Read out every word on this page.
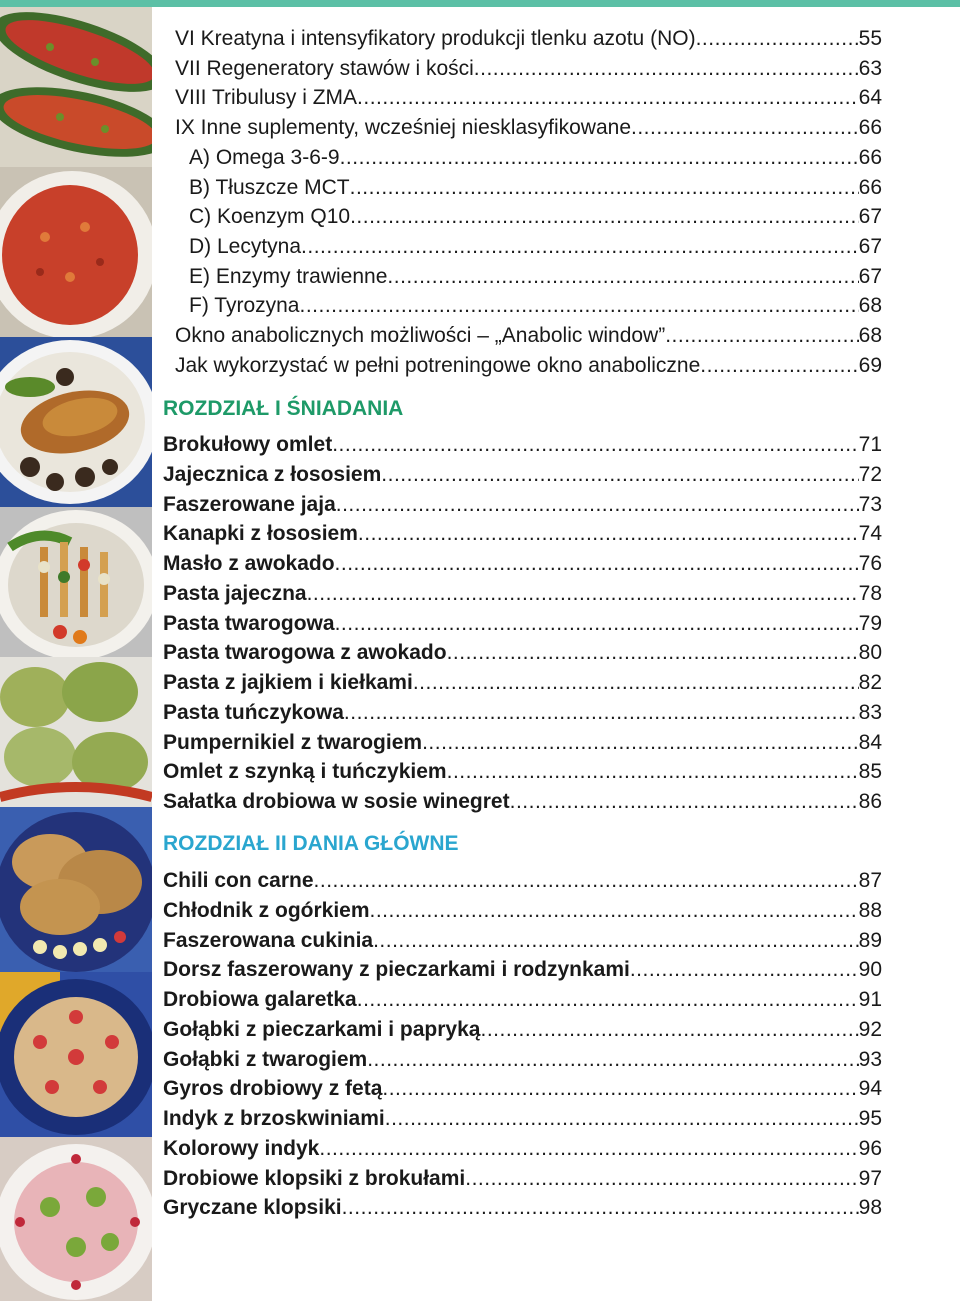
VI Kreatyna i intensyfikatory produkcji tlenku azotu (NO) .....	55
VII Regeneratory stawów i kości .....	63
VIII Tribulusy i ZMA .....	64
IX Inne suplementy, wcześniej niesklasyfikowane .....	66
A) Omega 3-6-9 .....	66
B) Tłuszcze MCT .....	66
C) Koenzym Q10 .....	67
D) Lecytyna .....	67
E) Enzymy trawienne .....	67
F) Tyrozyna .....	68
Okno anabolicznych możliwości – „Anabolic window” .....	68
Jak wykorzystać w pełni potreningowe okno anaboliczne .....	69
ROZDZIAŁ I ŚNIADANIA
Brokułowy omlet .....	71
Jajecznica z łososiem .....	72
Faszerowane jaja .....	73
Kanapki z łososiem .....	74
Masło z awokado .....	76
Pasta jajeczna .....	78
Pasta twarogowa .....	79
Pasta twarogowa z awokado .....	80
Pasta z jajkiem i kiełkami .....	82
Pasta tuńczykowa .....	83
Pumpernikiel z twarogiem .....	84
Omlet z szynką i tuńczykiem .....	85
Sałatka drobiowa w sosie winegret .....	86
ROZDZIAŁ II DANIA GŁÓWNE
Chili con carne .....	87
Chłodnik z ogórkiem .....	88
Faszerowana cukinia .....	89
Dorsz faszerowany z pieczarkami i rodzynkami .....	90
Drobiowa galaretka .....	91
Gołąbki z pieczarkami i papryką .....	92
Gołąbki z twarogiem .....	93
Gyros drobiowy z fetą .....	94
Indyk z brzoskwiniami .....	95
Kolorowy indyk .....	96
Drobiowe klopsiki z brokułami .....	97
Gryczane klopsiki .....	98
